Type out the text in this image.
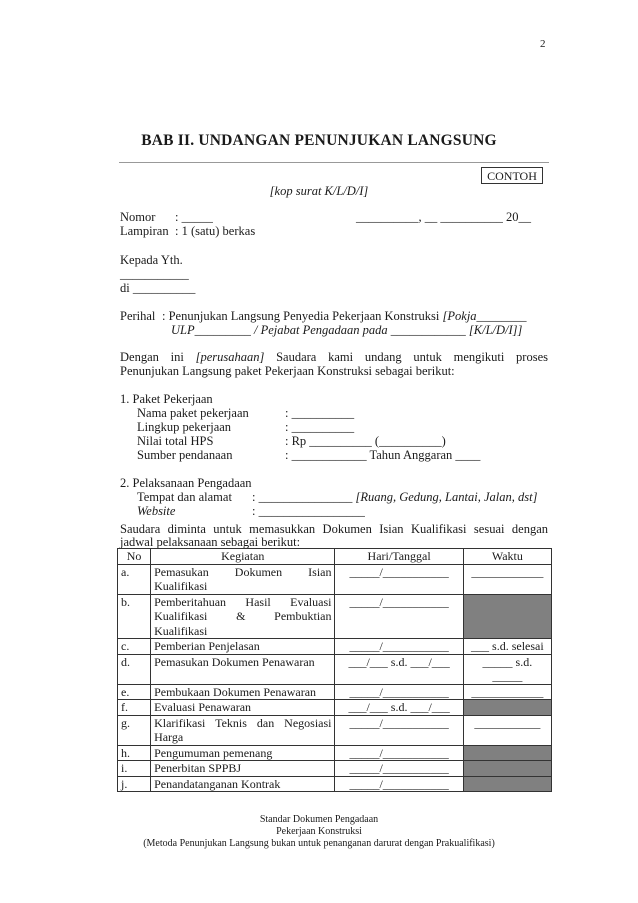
2
BAB II. UNDANGAN PENUNJUKAN LANGSUNG
CONTOH
[kop surat K/L/D/I]
Nomor : _____	__________, __ __________ 20__
Lampiran : 1 (satu) berkas
Kepada Yth.
___________
di __________
Perihal : Penunjukan Langsung Penyedia Pekerjaan Konstruksi [Pokja________
ULP_________ / Pejabat Pengadaan pada ____________ [K/L/D/I]]
Dengan ini [perusahaan] Saudara kami undang untuk mengikuti proses
Penunjukan Langsung paket Pekerjaan Konstruksi sebagai berikut:
1. Paket Pekerjaan
Nama paket pekerjaan	: __________
Lingkup pekerjaan	: __________
Nilai total HPS	: Rp __________ (__________)
Sumber pendanaan	: ____________ Tahun Anggaran ____
2. Pelaksanaan Pengadaan
Tempat dan alamat : _______________ [Ruang, Gedung, Lantai, Jalan, dst]
Website	: _________________
Saudara diminta untuk memasukkan Dokumen Isian Kualifikasi sesuai dengan
jadwal pelaksanaan sebagai berikut:
No	Kegiatan	Hari/Tanggal	Waktu
a.	Pemasukan Dokumen Isian Kualifikasi	_____/___________	____________
b.	Pemberitahuan Hasil Evaluasi Kualifikasi & Pembuktian Kualifikasi	_____/___________	
c.	Pemberian Penjelasan	_____/___________	___ s.d. selesai
d.	Pemasukan Dokumen Penawaran	___/___ s.d. ___/___	_____ s.d. _____
e.	Pembukaan Dokumen Penawaran	_____/___________	____________
f.	Evaluasi Penawaran	___/___ s.d. ___/___	
g.	Klarifikasi Teknis dan Negosiasi Harga	_____/___________	___________
h.	Pengumuman pemenang	_____/___________	
i.	Penerbitan SPPBJ	_____/___________	
j.	Penandatanganan Kontrak	_____/___________	
Standar Dokumen Pengadaan
Pekerjaan Konstruksi
(Metoda Penunjukan Langsung bukan untuk penanganan darurat dengan Prakualifikasi)
